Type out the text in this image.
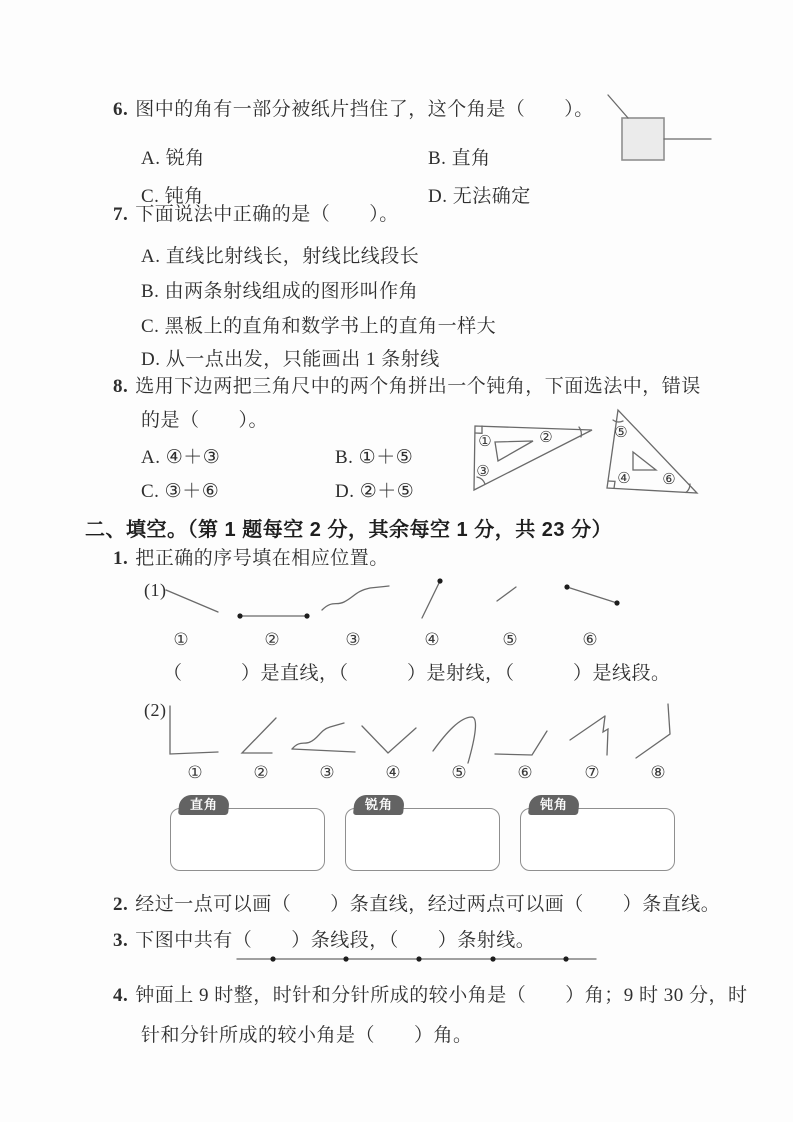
6. 图中的角有一部分被纸片挡住了，这个角是（　　）。
A. 锐角	B. 直角
C. 钝角	D. 无法确定
7. 下面说法中正确的是（　　）。
A. 直线比射线长，射线比线段长
B. 由两条射线组成的图形叫作角
C. 黑板上的直角和数学书上的直角一样大
D. 从一点出发，只能画出 1 条射线
8. 选用下边两把三角尺中的两个角拼出一个钝角，下面选法中，错误
的是（　　）。
A. ④＋③	B. ①＋⑤
C. ③＋⑥	D. ②＋⑤
①	②
③
⑤
④ ⑥
二、填空。（第 1 题每空 2 分，其余每空 1 分，共 23 分）
1. 把正确的序号填在相应位置。
(1)
①	②	③	④	⑤	⑥
（　　　）是直线，（　　　）是射线，（　　　）是线段。
(2)
①	②	③	④	⑤	⑥	⑦	⑧
直角	锐角	钝角
2. 经过一点可以画（　　）条直线，经过两点可以画（　　）条直线。
3. 下图中共有（　　）条线段，（　　）条射线。
4. 钟面上 9 时整，时针和分针所成的较小角是（　　）角；9 时 30 分，时
针和分针所成的较小角是（　　）角。
